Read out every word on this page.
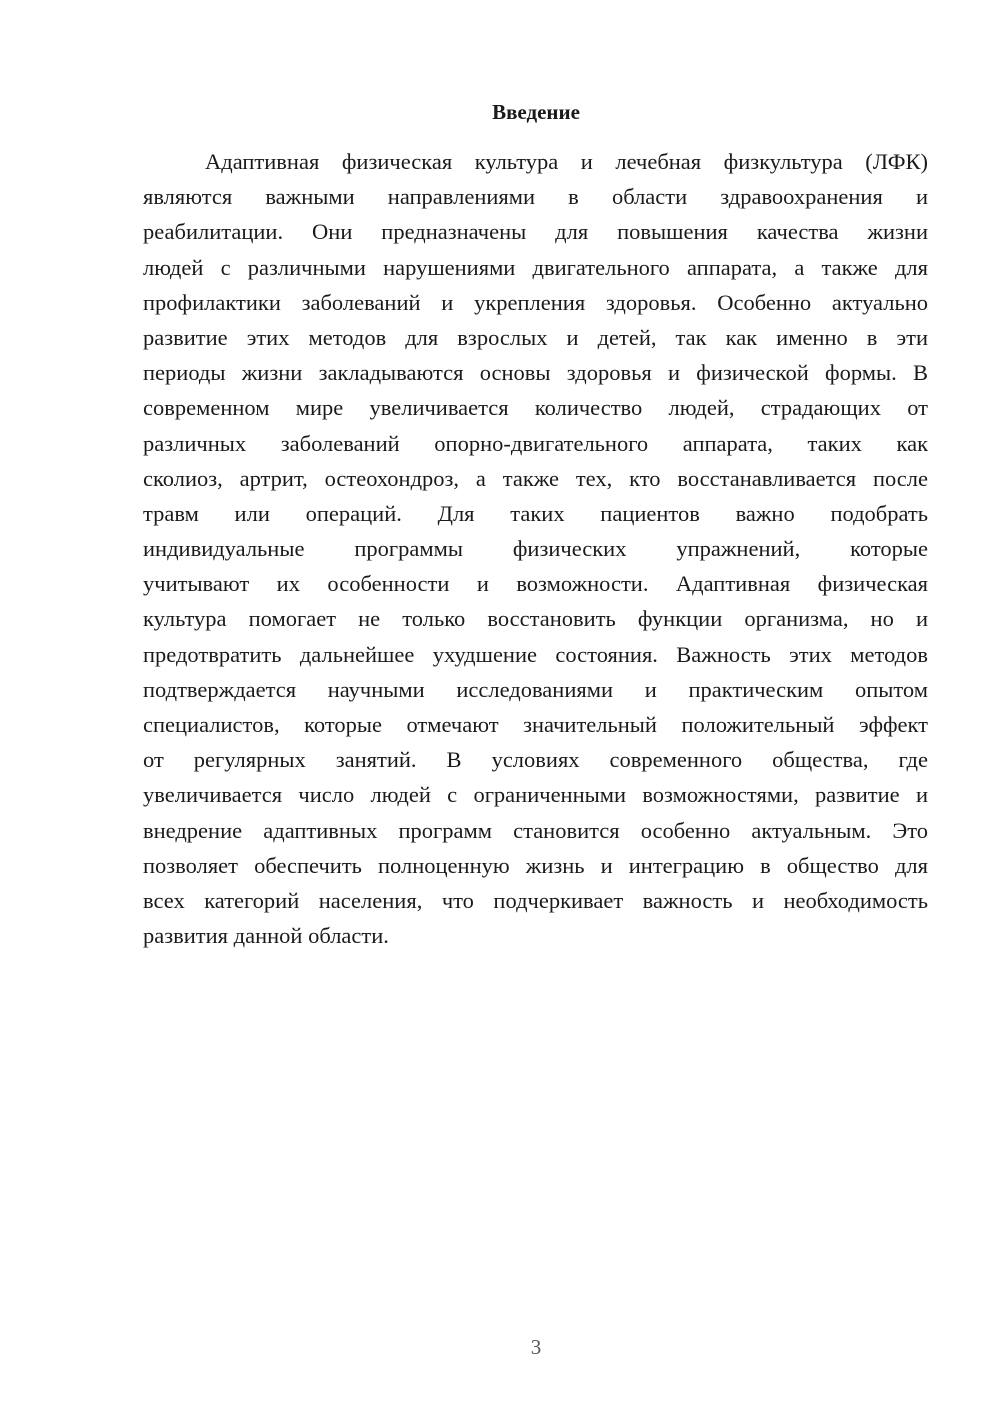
Введение
Адаптивная физическая культура и лечебная физкультура (ЛФК)
являются важными направлениями в области здравоохранения и
реабилитации. Они предназначены для повышения качества жизни
людей с различными нарушениями двигательного аппарата, а также для
профилактики заболеваний и укрепления здоровья. Особенно актуально
развитие этих методов для взрослых и детей, так как именно в эти
периоды жизни закладываются основы здоровья и физической формы. В
современном мире увеличивается количество людей, страдающих от
различных заболеваний опорно-двигательного аппарата, таких как
сколиоз, артрит, остеохондроз, а также тех, кто восстанавливается после
травм или операций. Для таких пациентов важно подобрать
индивидуальные программы физических упражнений, которые
учитывают их особенности и возможности. Адаптивная физическая
культура помогает не только восстановить функции организма, но и
предотвратить дальнейшее ухудшение состояния. Важность этих методов
подтверждается научными исследованиями и практическим опытом
специалистов, которые отмечают значительный положительный эффект
от регулярных занятий. В условиях современного общества, где
увеличивается число людей с ограниченными возможностями, развитие и
внедрение адаптивных программ становится особенно актуальным. Это
позволяет обеспечить полноценную жизнь и интеграцию в общество для
всех категорий населения, что подчеркивает важность и необходимость
развития данной области.
3
